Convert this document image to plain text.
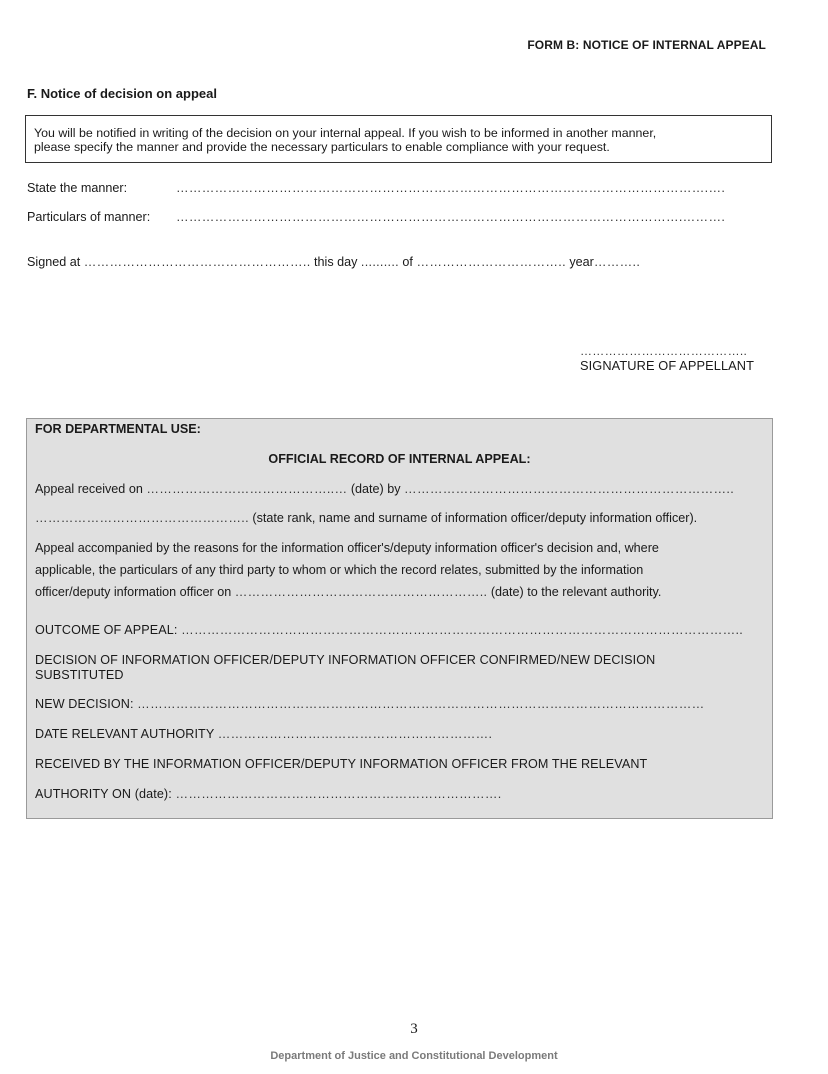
FORM B: NOTICE OF INTERNAL APPEAL
F. Notice of decision on appeal
You will be notified in writing of the decision on your internal appeal. If you wish to be informed in another manner,
please specify the manner and provide the necessary particulars to enable compliance with your request.
State the manner:	…………………………………………………………………………………………………………….….
Particulars of manner: ……………………………………………………………………………………………………….……….
Signed at …………………………………………….. this day .......... of …………………………….. year………..
…………………………………..
SIGNATURE OF APPELLANT
FOR DEPARTMENTAL USE:
OFFICIAL RECORD OF INTERNAL APPEAL:
Appeal received on ……………………………………..… (date) by …………………………………………………………………..
………………………………………….. (state rank, name and surname of information officer/deputy information officer).
Appeal accompanied by the reasons for the information officer's/deputy information officer's decision and, where
applicable, the particulars of any third party to whom or which the record relates, submitted by the information
officer/deputy information officer on ………………………………………………….. (date) to the relevant authority.
OUTCOME OF APPEAL: …………………………………………………………………………………………………………………..
DECISION OF INFORMATION OFFICER/DEPUTY INFORMATION OFFICER CONFIRMED/NEW DECISION
SUBSTITUTED
NEW DECISION: ……………………………………………………………………………………………………………………
DATE RELEVANT AUTHORITY ……………………………………………………….
RECEIVED BY THE INFORMATION OFFICER/DEPUTY INFORMATION OFFICER FROM THE RELEVANT
AUTHORITY ON (date): ………………………………………………………………….
3
Department of Justice and Constitutional Development
